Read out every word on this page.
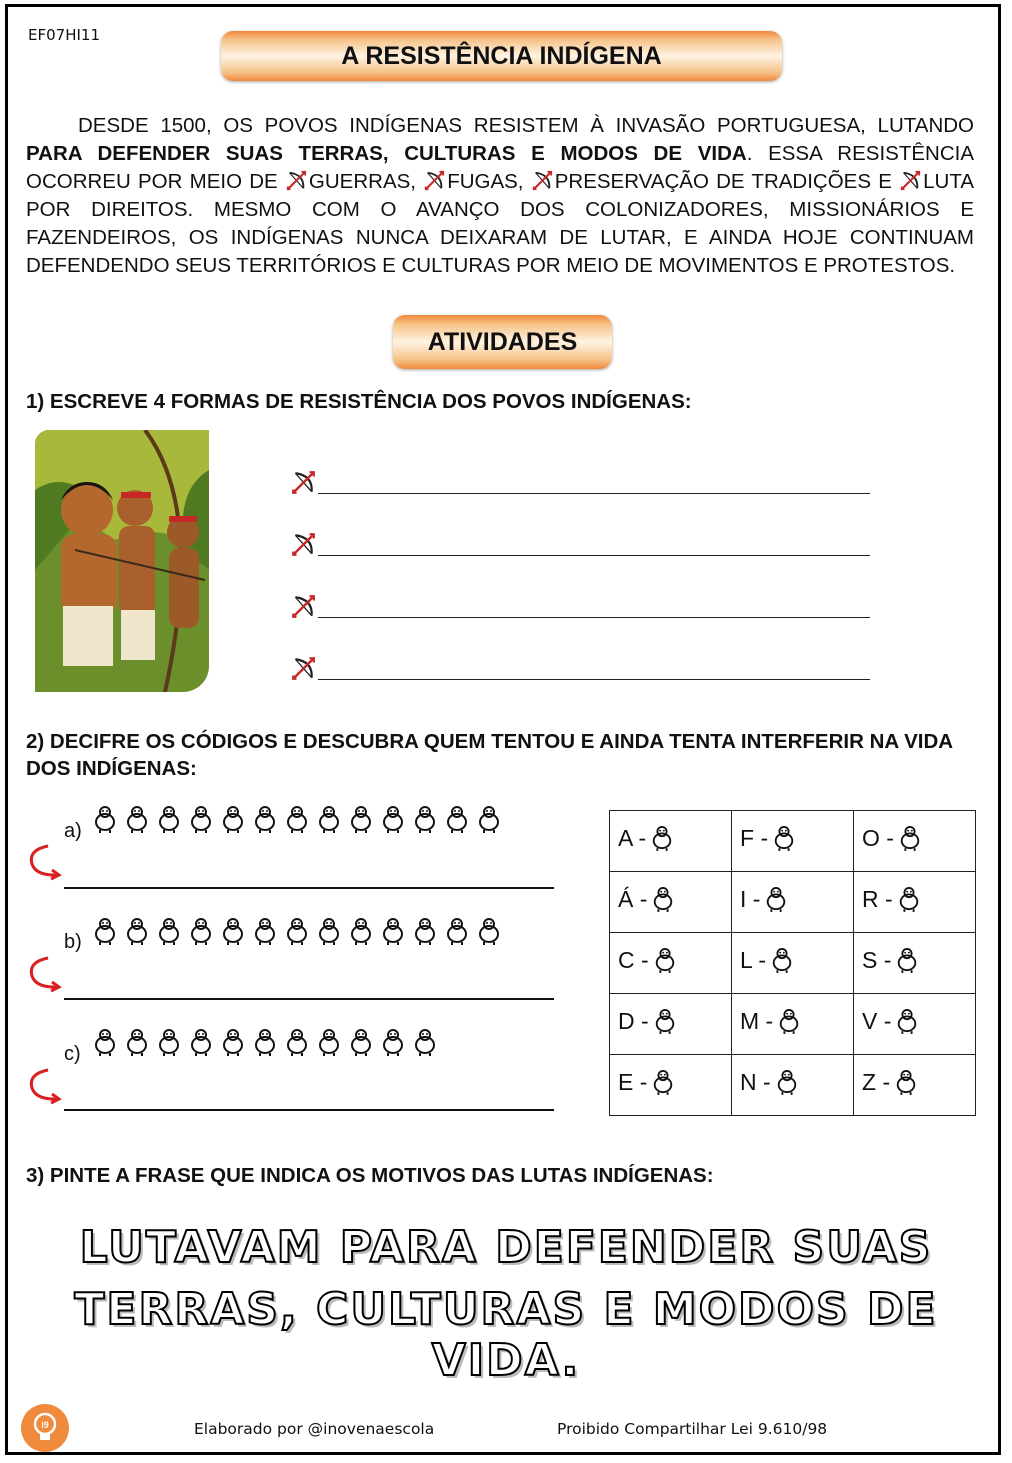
EF07HI11
A RESISTÊNCIA INDÍGENA
DESDE 1500, OS POVOS INDÍGENAS RESISTEM À INVASÃO PORTUGUESA, LUTANDO PARA DEFENDER SUAS TERRAS, CULTURAS E MODOS DE VIDA. ESSA RESISTÊNCIA OCORREU POR MEIO DE GUERRAS, FUGAS, PRESERVAÇÃO DE TRADIÇÕES E LUTA POR DIREITOS. MESMO COM O AVANÇO DOS COLONIZADORES, MISSIONÁRIOS E FAZENDEIROS, OS INDÍGENAS NUNCA DEIXARAM DE LUTAR, E AINDA HOJE CONTINUAM DEFENDENDO SEUS TERRITÓRIOS E CULTURAS POR MEIO DE MOVIMENTOS E PROTESTOS.
ATIVIDADES
1) ESCREVE 4 FORMAS DE RESISTÊNCIA DOS POVOS INDÍGENAS:
2) DECIFRE OS CÓDIGOS E DESCUBRA QUEM TENTOU E AINDA TENTA INTERFERIR NA VIDA DOS INDÍGENAS:
a)
b)
c)
A -	F -	O -
Á -	I -	R -
C -	L -	S -
D -	M -	V -
E -	N -	Z -
3) PINTE A FRASE QUE INDICA OS MOTIVOS DAS LUTAS INDÍGENAS:
LUTAVAM PARA DEFENDER SUAS
TERRAS, CULTURAS E MODOS DE VIDA.
i9	Elaborado por @inovenaescola	Proibido Compartilhar Lei 9.610/98
